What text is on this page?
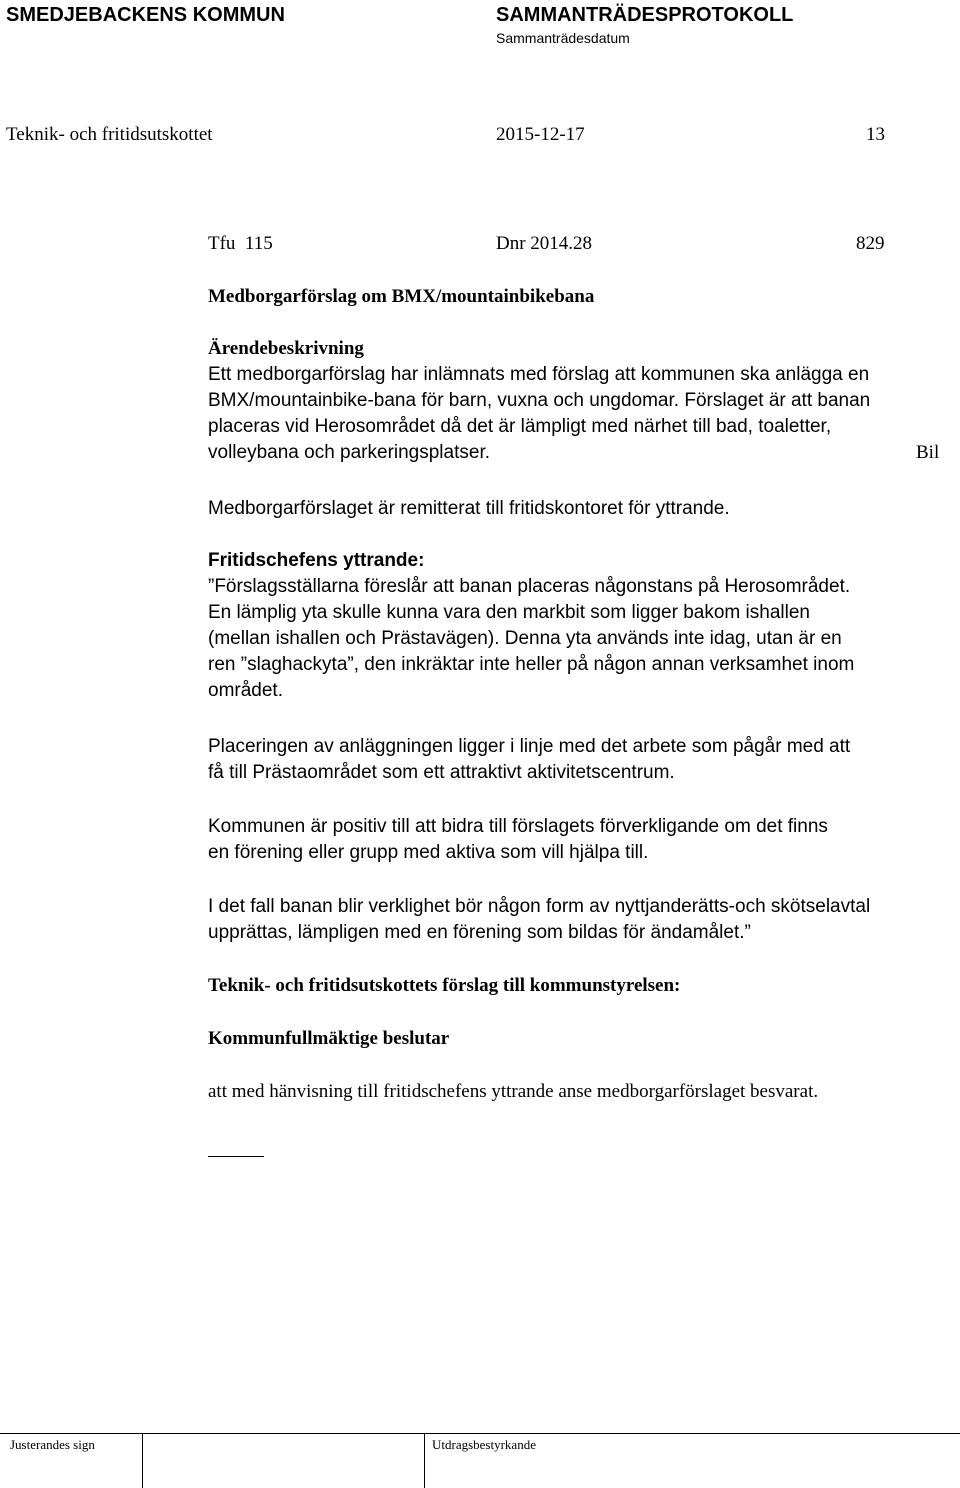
SMEDJEBACKENS KOMMUN	SAMMANTRÄDESPROTOKOLL
Sammanträdesdatum
Teknik- och fritidsutskottet	2015-12-17	13
Tfu  115	Dnr 2014.28	829
Medborgarförslag om BMX/mountainbikebana
Ärendebeskrivning
Ett medborgarförslag har inlämnats med förslag att kommunen ska anlägga en
BMX/mountainbike-bana för barn, vuxna och ungdomar. Förslaget är att banan
placeras vid Herosområdet då det är lämpligt med närhet till bad, toaletter,
volleybana och parkeringsplatser.	Bil
Medborgarförslaget är remitterat till fritidskontoret för yttrande.
Fritidschefens yttrande:
”Förslagsställarna föreslår att banan placeras någonstans på Herosområdet.
En lämplig yta skulle kunna vara den markbit som ligger bakom ishallen
(mellan ishallen och Prästavägen). Denna yta används inte idag, utan är en
ren ”slaghackyta”, den inkräktar inte heller på någon annan verksamhet inom
området.
Placeringen av anläggningen ligger i linje med det arbete som pågår med att
få till Prästaområdet som ett attraktivt aktivitetscentrum.
Kommunen är positiv till att bidra till förslagets förverkligande om det finns
en förening eller grupp med aktiva som vill hjälpa till.
I det fall banan blir verklighet bör någon form av nyttjanderätts-och skötselavtal
upprättas, lämpligen med en förening som bildas för ändamålet.”
Teknik- och fritidsutskottets förslag till kommunstyrelsen:
Kommunfullmäktige beslutar
att med hänvisning till fritidschefens yttrande anse medborgarförslaget besvarat.
Justerandes sign	Utdragsbestyrkande
